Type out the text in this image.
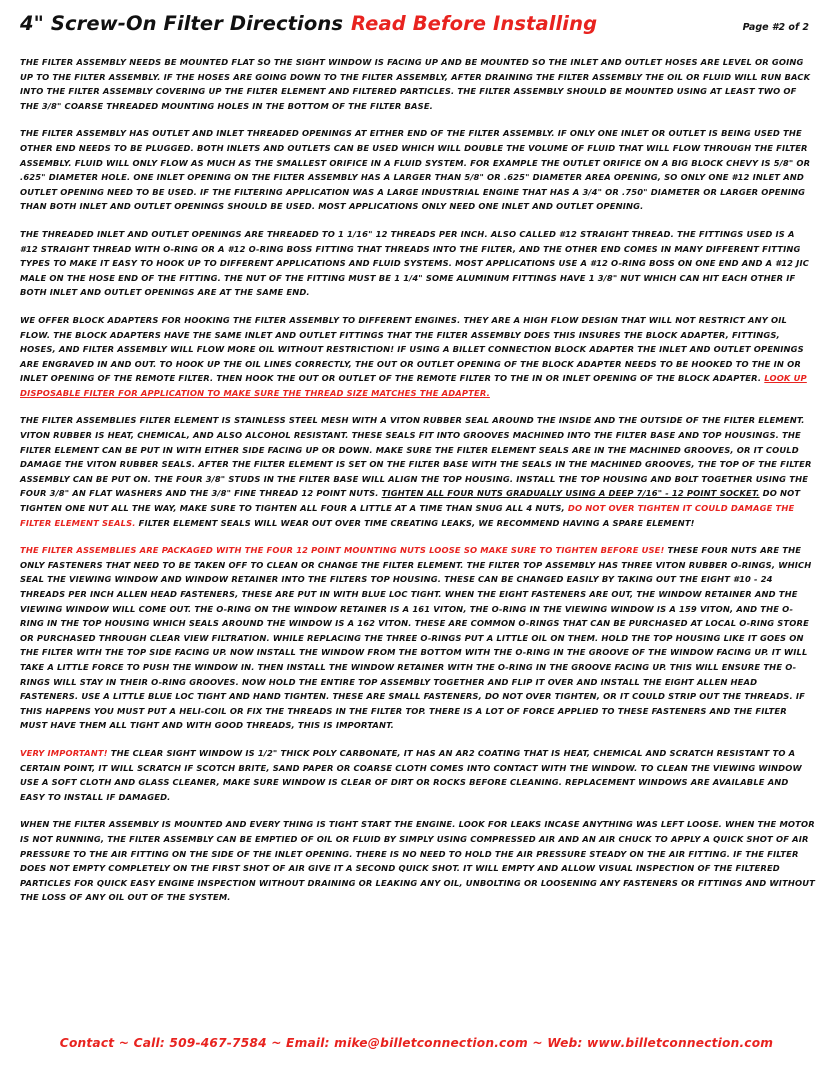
4" Screw-On Filter Directions Read Before Installing	Page #2 of 2

THE FILTER ASSEMBLY NEEDS BE MOUNTED FLAT SO THE SIGHT WINDOW IS FACING UP AND BE MOUNTED SO THE INLET AND OUTLET HOSES ARE LEVEL OR GOING UP TO THE FILTER ASSEMBLY. IF THE HOSES ARE GOING DOWN TO THE FILTER ASSEMBLY, AFTER DRAINING THE FILTER ASSEMBLY THE OIL OR FLUID WILL RUN BACK INTO THE FILTER ASSEMBLY COVERING UP THE FILTER ELEMENT AND FILTERED PARTICLES. THE FILTER ASSEMBLY SHOULD BE MOUNTED USING AT LEAST TWO OF THE 3/8" COARSE THREADED MOUNTING HOLES IN THE BOTTOM OF THE FILTER BASE.

THE FILTER ASSEMBLY HAS OUTLET AND INLET THREADED OPENINGS AT EITHER END OF THE FILTER ASSEMBLY. IF ONLY ONE INLET OR OUTLET IS BEING USED THE OTHER END NEEDS TO BE PLUGGED. BOTH INLETS AND OUTLETS CAN BE USED WHICH WILL DOUBLE THE VOLUME OF FLUID THAT WILL FLOW THROUGH THE FILTER ASSEMBLY. FLUID WILL ONLY FLOW AS MUCH AS THE SMALLEST ORIFICE IN A FLUID SYSTEM. FOR EXAMPLE THE OUTLET ORIFICE ON A BIG BLOCK CHEVY IS 5/8" OR .625" DIAMETER HOLE. ONE INLET OPENING ON THE FILTER ASSEMBLY HAS A LARGER THAN 5/8" OR .625" DIAMETER AREA OPENING, SO ONLY ONE #12 INLET AND OUTLET OPENING NEED TO BE USED. IF THE FILTERING APPLICATION WAS A LARGE INDUSTRIAL ENGINE THAT HAS A 3/4" OR .750" DIAMETER OR LARGER OPENING THAN BOTH INLET AND OUTLET OPENINGS SHOULD BE USED. MOST APPLICATIONS ONLY NEED ONE INLET AND OUTLET OPENING.

THE THREADED INLET AND OUTLET OPENINGS ARE THREADED TO 1 1/16" 12 THREADS PER INCH. ALSO CALLED #12 STRAIGHT THREAD. THE FITTINGS USED IS A #12 STRAIGHT THREAD WITH O-RING OR A #12 O-RING BOSS FITTING THAT THREADS INTO THE FILTER, AND THE OTHER END COMES IN MANY DIFFERENT FITTING TYPES TO MAKE IT EASY TO HOOK UP TO DIFFERENT APPLICATIONS AND FLUID SYSTEMS. MOST APPLICATIONS USE A #12 O-RING BOSS ON ONE END AND A #12 JIC MALE ON THE HOSE END OF THE FITTING. THE NUT OF THE FITTING MUST BE 1 1/4" SOME ALUMINUM FITTINGS HAVE 1 3/8" NUT WHICH CAN HIT EACH OTHER IF BOTH INLET AND OUTLET OPENINGS ARE AT THE SAME END.

WE OFFER BLOCK ADAPTERS FOR HOOKING THE FILTER ASSEMBLY TO DIFFERENT ENGINES. THEY ARE A HIGH FLOW DESIGN THAT WILL NOT RESTRICT ANY OIL FLOW. THE BLOCK ADAPTERS HAVE THE SAME INLET AND OUTLET FITTINGS THAT THE FILTER ASSEMBLY DOES THIS INSURES THE BLOCK ADAPTER, FITTINGS, HOSES, AND FILTER ASSEMBLY WILL FLOW MORE OIL WITHOUT RESTRICTION! IF USING A BILLET CONNECTION BLOCK ADAPTER THE INLET AND OUTLET OPENINGS ARE ENGRAVED IN AND OUT. TO HOOK UP THE OIL LINES CORRECTLY, THE OUT OR OUTLET OPENING OF THE BLOCK ADAPTER NEEDS TO BE HOOKED TO THE IN OR INLET OPENING OF THE REMOTE FILTER. THEN HOOK THE OUT OR OUTLET OF THE REMOTE FILTER TO THE IN OR INLET OPENING OF THE BLOCK ADAPTER. LOOK UP DISPOSABLE FILTER FOR APPLICATION TO MAKE SURE THE THREAD SIZE MATCHES THE ADAPTER.

THE FILTER ASSEMBLIES FILTER ELEMENT IS STAINLESS STEEL MESH WITH A VITON RUBBER SEAL AROUND THE INSIDE AND THE OUTSIDE OF THE FILTER ELEMENT. VITON RUBBER IS HEAT, CHEMICAL, AND ALSO ALCOHOL RESISTANT. THESE SEALS FIT INTO GROOVES MACHINED INTO THE FILTER BASE AND TOP HOUSINGS. THE FILTER ELEMENT CAN BE PUT IN WITH EITHER SIDE FACING UP OR DOWN. MAKE SURE THE FILTER ELEMENT SEALS ARE IN THE MACHINED GROOVES, OR IT COULD DAMAGE THE VITON RUBBER SEALS. AFTER THE FILTER ELEMENT IS SET ON THE FILTER BASE WITH THE SEALS IN THE MACHINED GROOVES, THE TOP OF THE FILTER ASSEMBLY CAN BE PUT ON. THE FOUR 3/8" STUDS IN THE FILTER BASE WILL ALIGN THE TOP HOUSING. INSTALL THE TOP HOUSING AND BOLT TOGETHER USING THE FOUR 3/8" AN FLAT WASHERS AND THE 3/8" FINE THREAD 12 POINT NUTS. TIGHTEN ALL FOUR NUTS GRADUALLY USING A DEEP 7/16" - 12 POINT SOCKET. DO NOT TIGHTEN ONE NUT ALL THE WAY, MAKE SURE TO TIGHTEN ALL FOUR A LITTLE AT A TIME THAN SNUG ALL 4 NUTS, DO NOT OVER TIGHTEN IT COULD DAMAGE THE FILTER ELEMENT SEALS. FILTER ELEMENT SEALS WILL WEAR OUT OVER TIME CREATING LEAKS, WE RECOMMEND HAVING A SPARE ELEMENT!

THE FILTER ASSEMBLIES ARE PACKAGED WITH THE FOUR 12 POINT MOUNTING NUTS LOOSE SO MAKE SURE TO TIGHTEN BEFORE USE! THESE FOUR NUTS ARE THE ONLY FASTENERS THAT NEED TO BE TAKEN OFF TO CLEAN OR CHANGE THE FILTER ELEMENT. THE FILTER TOP ASSEMBLY HAS THREE VITON RUBBER O-RINGS, WHICH SEAL THE VIEWING WINDOW AND WINDOW RETAINER INTO THE FILTERS TOP HOUSING. THESE CAN BE CHANGED EASILY BY TAKING OUT THE EIGHT #10 - 24 THREADS PER INCH ALLEN HEAD FASTENERS, THESE ARE PUT IN WITH BLUE LOC TIGHT. WHEN THE EIGHT FASTENERS ARE OUT, THE WINDOW RETAINER AND THE VIEWING WINDOW WILL COME OUT. THE O-RING ON THE WINDOW RETAINER IS A 161 VITON, THE O-RING IN THE VIEWING WINDOW IS A 159 VITON, AND THE O-RING IN THE TOP HOUSING WHICH SEALS AROUND THE WINDOW IS A 162 VITON. THESE ARE COMMON O-RINGS THAT CAN BE PURCHASED AT LOCAL O-RING STORE OR PURCHASED THROUGH CLEAR VIEW FILTRATION. WHILE REPLACING THE THREE O-RINGS PUT A LITTLE OIL ON THEM. HOLD THE TOP HOUSING LIKE IT GOES ON THE FILTER WITH THE TOP SIDE FACING UP. NOW INSTALL THE WINDOW FROM THE BOTTOM WITH THE O-RING IN THE GROOVE OF THE WINDOW FACING UP. IT WILL TAKE A LITTLE FORCE TO PUSH THE WINDOW IN. THEN INSTALL THE WINDOW RETAINER WITH THE O-RING IN THE GROOVE FACING UP. THIS WILL ENSURE THE O-RINGS WILL STAY IN THEIR O-RING GROOVES. NOW HOLD THE ENTIRE TOP ASSEMBLY TOGETHER AND FLIP IT OVER AND INSTALL THE EIGHT ALLEN HEAD FASTENERS. USE A LITTLE BLUE LOC TIGHT AND HAND TIGHTEN. THESE ARE SMALL FASTENERS, DO NOT OVER TIGHTEN, OR IT COULD STRIP OUT THE THREADS. IF THIS HAPPENS YOU MUST PUT A HELI-COIL OR FIX THE THREADS IN THE FILTER TOP. THERE IS A LOT OF FORCE APPLIED TO THESE FASTENERS AND THE FILTER MUST HAVE THEM ALL TIGHT AND WITH GOOD THREADS, THIS IS IMPORTANT.

VERY IMPORTANT! THE CLEAR SIGHT WINDOW IS 1/2" THICK POLY CARBONATE, IT HAS AN AR2 COATING THAT IS HEAT, CHEMICAL AND SCRATCH RESISTANT TO A CERTAIN POINT, IT WILL SCRATCH IF SCOTCH BRITE, SAND PAPER OR COARSE CLOTH COMES INTO CONTACT WITH THE WINDOW. TO CLEAN THE VIEWING WINDOW USE A SOFT CLOTH AND GLASS CLEANER, MAKE SURE WINDOW IS CLEAR OF DIRT OR ROCKS BEFORE CLEANING. REPLACEMENT WINDOWS ARE AVAILABLE AND EASY TO INSTALL IF DAMAGED.

WHEN THE FILTER ASSEMBLY IS MOUNTED AND EVERY THING IS TIGHT START THE ENGINE. LOOK FOR LEAKS INCASE ANYTHING WAS LEFT LOOSE. WHEN THE MOTOR IS NOT RUNNING, THE FILTER ASSEMBLY CAN BE EMPTIED OF OIL OR FLUID BY SIMPLY USING COMPRESSED AIR AND AN AIR CHUCK TO APPLY A QUICK SHOT OF AIR PRESSURE TO THE AIR FITTING ON THE SIDE OF THE INLET OPENING. THERE IS NO NEED TO HOLD THE AIR PRESSURE STEADY ON THE AIR FITTING. IF THE FILTER DOES NOT EMPTY COMPLETELY ON THE FIRST SHOT OF AIR GIVE IT A SECOND QUICK SHOT. IT WILL EMPTY AND ALLOW VISUAL INSPECTION OF THE FILTERED PARTICLES FOR QUICK EASY ENGINE INSPECTION WITHOUT DRAINING OR LEAKING ANY OIL, UNBOLTING OR LOOSENING ANY FASTENERS OR FITTINGS AND WITHOUT THE LOSS OF ANY OIL OUT OF THE SYSTEM.

Contact ~ Call: 509-467-7584 ~ Email: mike@billetconnection.com ~ Web: www.billetconnection.com
